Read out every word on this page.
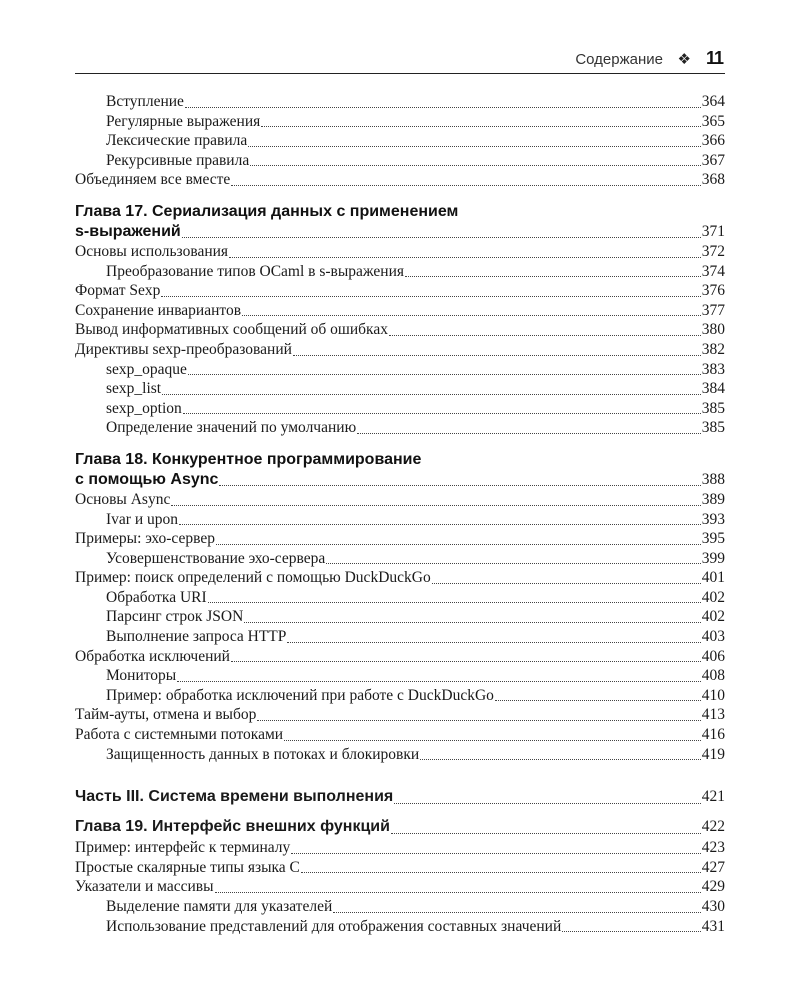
Содержание ❖ 11
Вступление	364
Регулярные выражения	365
Лексические правила	366
Рекурсивные правила	367
Объединяем все вместе	368
Глава 17. Сериализация данных с применением
s-выражений	371
Основы использования	372
Преобразование типов OCaml в s-выражения	374
Формат Sexp	376
Сохранение инвариантов	377
Вывод информативных сообщений об ошибках	380
Директивы sexp-преобразований	382
sexp_opaque	383
sexp_list	384
sexp_option	385
Определение значений по умолчанию	385
Глава 18. Конкурентное программирование
с помощью Async	388
Основы Async	389
Ivar и upon	393
Примеры: эхо-сервер	395
Усовершенствование эхо-сервера	399
Пример: поиск определений с помощью DuckDuckGo	401
Обработка URI	402
Парсинг строк JSON	402
Выполнение запроса HTTP	403
Обработка исключений	406
Мониторы	408
Пример: обработка исключений при работе с DuckDuckGo	410
Тайм-ауты, отмена и выбор	413
Работа с системными потоками	416
Защищенность данных в потоках и блокировки	419
Часть III. Система времени выполнения	421
Глава 19. Интерфейс внешних функций	422
Пример: интерфейс к терминалу	423
Простые скалярные типы языка C	427
Указатели и массивы	429
Выделение памяти для указателей	430
Использование представлений для отображения составных значений	431
